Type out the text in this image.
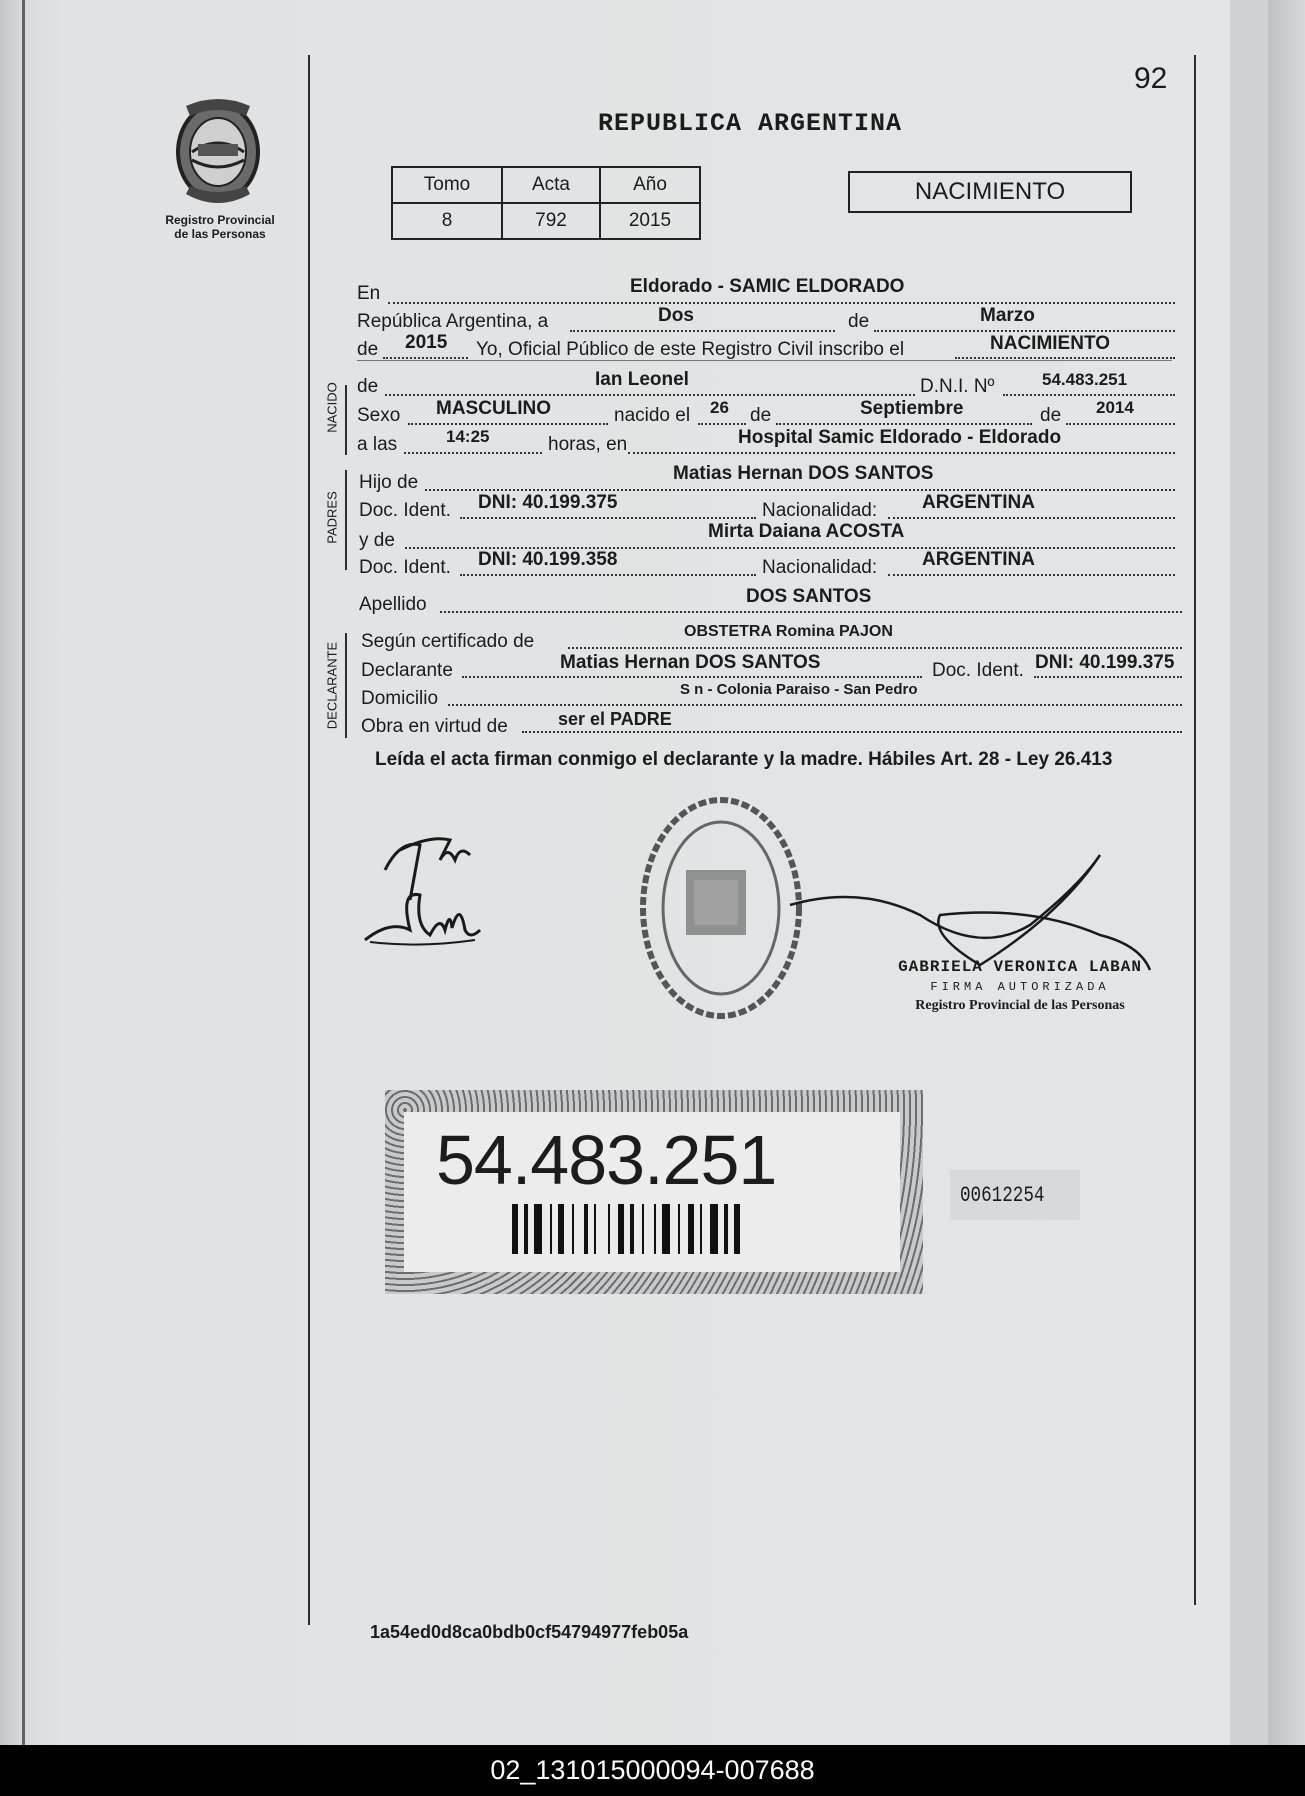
92
Registro Provincial
de las Personas
REPUBLICA ARGENTINA
Tomo	Acta	Año
8	792	2015
NACIMIENTO
NACIDO
PADRES
DECLARANTE
En	Eldorado - SAMIC ELDORADO
República Argentina, a	Dos	de	Marzo
de 2015 Yo, Oficial Público de este Registro Civil inscribo el	NACIMIENTO
de	Ian Leonel	D.N.I. Nº	54.483.251
Sexo MASCULINO	nacido el 26 de	Septiembre	de 2014
a las	14:25	horas, en	Hospital Samic Eldorado - Eldorado
Hijo de	Matias Hernan DOS SANTOS
Doc. Ident. DNI: 40.199.375	Nacionalidad: ARGENTINA
y de	Mirta Daiana ACOSTA
Doc. Ident. DNI: 40.199.358	Nacionalidad: ARGENTINA
Apellido	DOS SANTOS
Según certificado de	OBSTETRA Romina PAJON
Declarante	Matias Hernan DOS SANTOS	Doc. Ident. DNI: 40.199.375
Domicilio	S n - Colonia Paraiso - San Pedro
Obra en virtud de	ser el PADRE
Leída el acta firman conmigo el declarante y la madre. Hábiles Art. 28 - Ley 26.413
GABRIELA VERONICA LABAN
FIRMA AUTORIZADA
Registro Provincial de las Personas
54.483.251	00612254
1a54ed0d8ca0bdb0cf54794977feb05a
02_131015000094-007688
